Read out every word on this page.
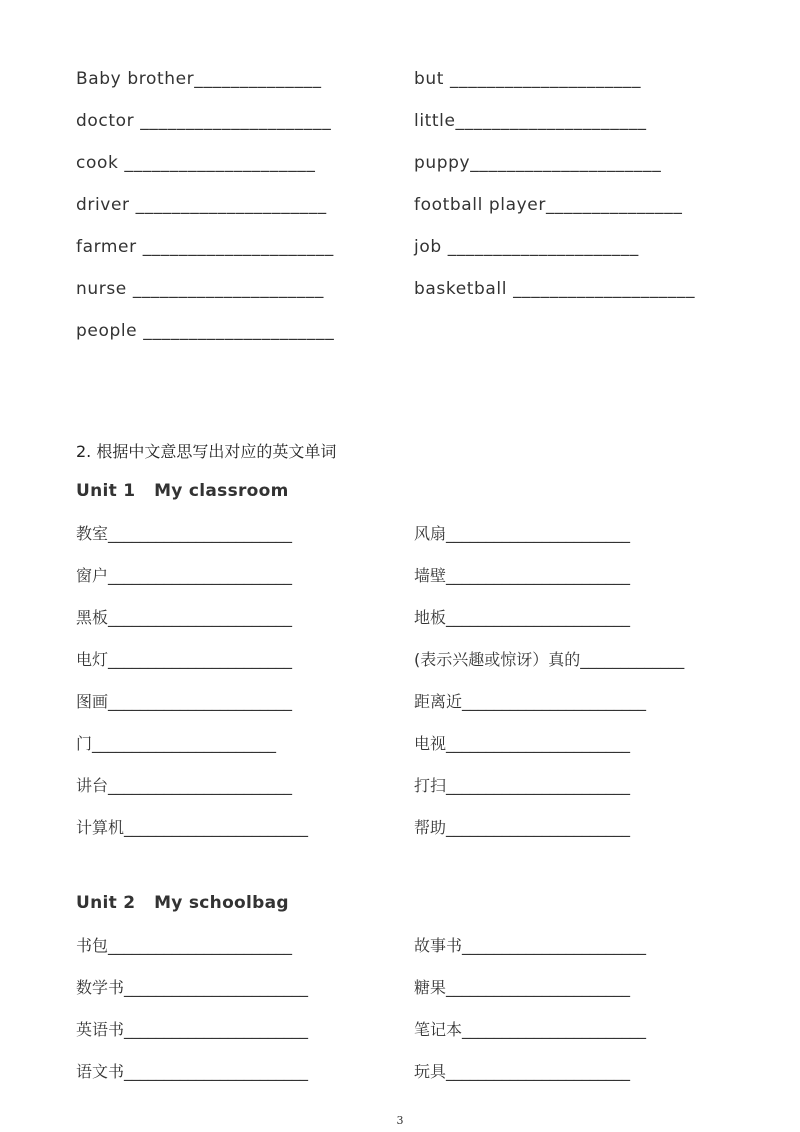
Baby brother______________

doctor _____________________

cook _____________________

driver _____________________

farmer _____________________

nurse _____________________

people _____________________

but _____________________

little_____________________

puppy_____________________

football player_______________

job _____________________

basketball ____________________

2. 根据中文意思写出对应的英文单词
Unit 1   My classroom

教室_______________________

窗户_______________________

黑板_______________________

电灯_______________________

图画_______________________

门_______________________

讲台_______________________

计算机_______________________

风扇_______________________

墙壁_______________________

地板_______________________

(表示兴趣或惊讶）真的_____________

距离近_______________________

电视_______________________

打扫_______________________

帮助_______________________

Unit 2   My schoolbag

书包_______________________

数学书_______________________

英语书_______________________

语文书_______________________

故事书_______________________

糖果_______________________

笔记本_______________________

玩具_______________________

3
